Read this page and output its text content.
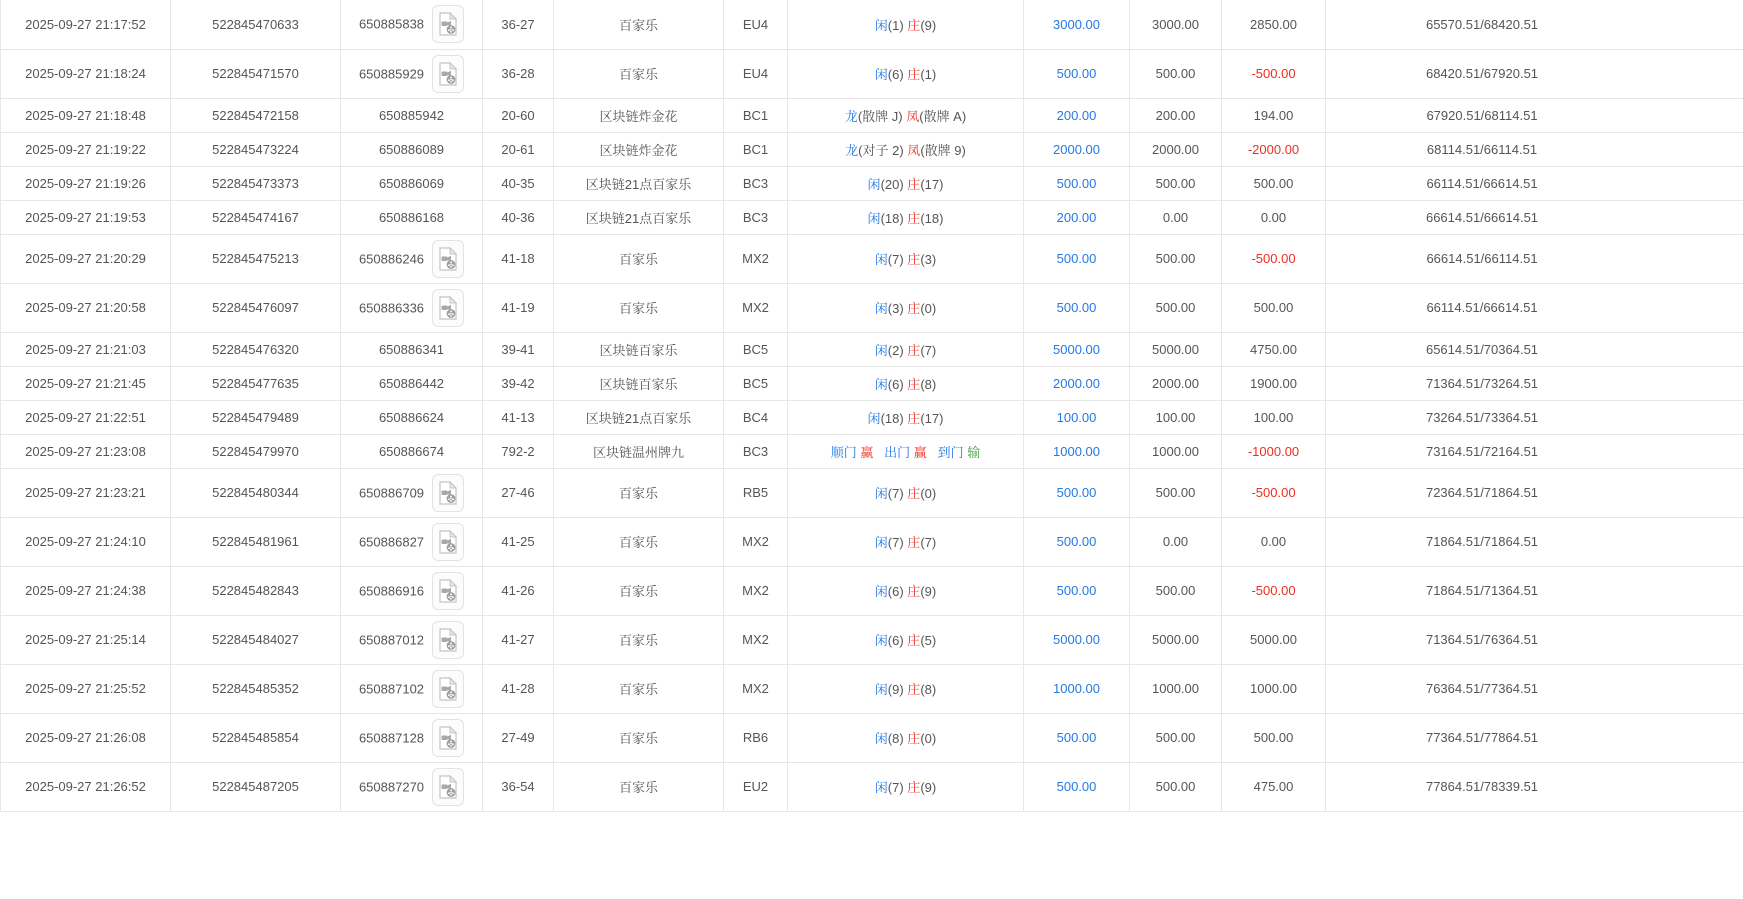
2025-09-27 21:17:52	522845470633	650885838	36-27	百家乐	EU4	闲(1) 庄(9)	3000.00	3000.00	2850.00	65570.51/68420.51
2025-09-27 21:18:24	522845471570	650885929	36-28	百家乐	EU4	闲(6) 庄(1)	500.00	500.00	-500.00	68420.51/67920.51
2025-09-27 21:18:48	522845472158	650885942	20-60	区块链炸金花	BC1	龙(散牌 J) 凤(散牌 A)	200.00	200.00	194.00	67920.51/68114.51
2025-09-27 21:19:22	522845473224	650886089	20-61	区块链炸金花	BC1	龙(对子 2) 凤(散牌 9)	2000.00	2000.00	-2000.00	68114.51/66114.51
2025-09-27 21:19:26	522845473373	650886069	40-35	区块链21点百家乐	BC3	闲(20) 庄(17)	500.00	500.00	500.00	66114.51/66614.51
2025-09-27 21:19:53	522845474167	650886168	40-36	区块链21点百家乐	BC3	闲(18) 庄(18)	200.00	0.00	0.00	66614.51/66614.51
2025-09-27 21:20:29	522845475213	650886246	41-18	百家乐	MX2	闲(7) 庄(3)	500.00	500.00	-500.00	66614.51/66114.51
2025-09-27 21:20:58	522845476097	650886336	41-19	百家乐	MX2	闲(3) 庄(0)	500.00	500.00	500.00	66114.51/66614.51
2025-09-27 21:21:03	522845476320	650886341	39-41	区块链百家乐	BC5	闲(2) 庄(7)	5000.00	5000.00	4750.00	65614.51/70364.51
2025-09-27 21:21:45	522845477635	650886442	39-42	区块链百家乐	BC5	闲(6) 庄(8)	2000.00	2000.00	1900.00	71364.51/73264.51
2025-09-27 21:22:51	522845479489	650886624	41-13	区块链21点百家乐	BC4	闲(18) 庄(17)	100.00	100.00	100.00	73264.51/73364.51
2025-09-27 21:23:08	522845479970	650886674	792-2	区块链温州牌九	BC3	顺门 赢 出门 赢 到门 输	1000.00	1000.00	-1000.00	73164.51/72164.51
2025-09-27 21:23:21	522845480344	650886709	27-46	百家乐	RB5	闲(7) 庄(0)	500.00	500.00	-500.00	72364.51/71864.51
2025-09-27 21:24:10	522845481961	650886827	41-25	百家乐	MX2	闲(7) 庄(7)	500.00	0.00	0.00	71864.51/71864.51
2025-09-27 21:24:38	522845482843	650886916	41-26	百家乐	MX2	闲(6) 庄(9)	500.00	500.00	-500.00	71864.51/71364.51
2025-09-27 21:25:14	522845484027	650887012	41-27	百家乐	MX2	闲(6) 庄(5)	5000.00	5000.00	5000.00	71364.51/76364.51
2025-09-27 21:25:52	522845485352	650887102	41-28	百家乐	MX2	闲(9) 庄(8)	1000.00	1000.00	1000.00	76364.51/77364.51
2025-09-27 21:26:08	522845485854	650887128	27-49	百家乐	RB6	闲(8) 庄(0)	500.00	500.00	500.00	77364.51/77864.51
2025-09-27 21:26:52	522845487205	650887270	36-54	百家乐	EU2	闲(7) 庄(9)	500.00	500.00	475.00	77864.51/78339.51
